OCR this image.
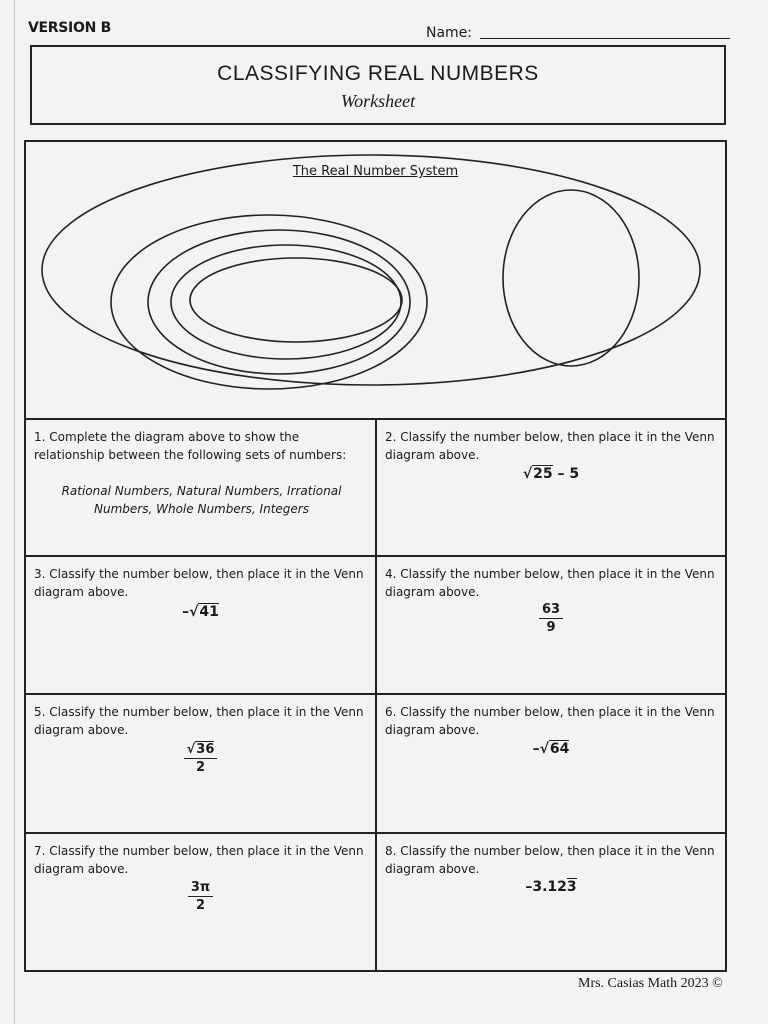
VERSION B	Name:
CLASSIFYING REAL NUMBERS
Worksheet
The Real Number System
1. Complete the diagram above to show the relationship between the following sets of numbers:
Rational Numbers, Natural Numbers, Irrational Numbers, Whole Numbers, Integers
2. Classify the number below, then place it in the Venn diagram above.
√25 – 5
3. Classify the number below, then place it in the Venn diagram above.
–√41
4. Classify the number below, then place it in the Venn diagram above.
$\frac{63}{9}$
5. Classify the number below, then place it in the Venn diagram above.
$\frac{√36}{2}$
6. Classify the number below, then place it in the Venn diagram above.
–√64
7. Classify the number below, then place it in the Venn diagram above.
$\frac{3\pi}{2}$
8. Classify the number below, then place it in the Venn diagram above.
–3.123
Mrs. Casias Math 2023 ©
